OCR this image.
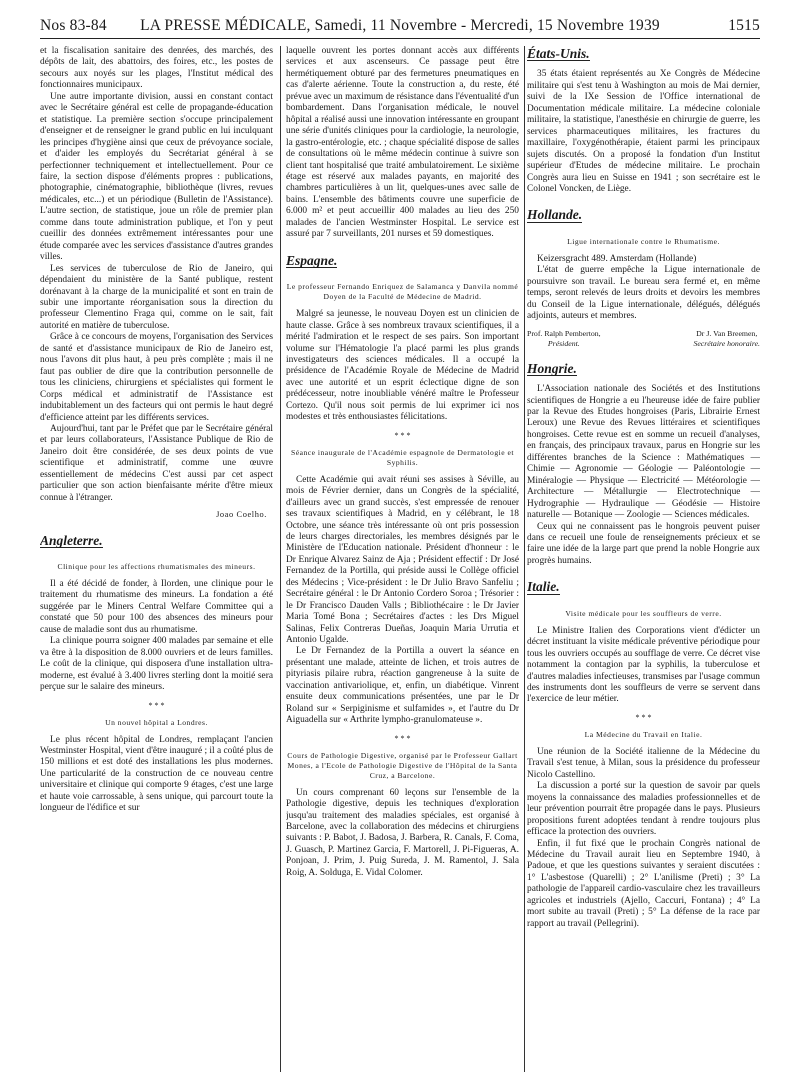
Nos 83-84	LA PRESSE MÉDICALE, Samedi, 11 Novembre - Mercredi, 15 Novembre 1939	1515

et la fiscalisation sanitaire des denrées, des marchés, des dépôts de lait, des abattoirs, des foires, etc., les postes de secours aux noyés sur les plages, l'Institut médical des fonctionnaires municipaux.

Une autre importante division, aussi en constant contact avec le Secrétaire général est celle de propagande-éducation et statistique. La première section s'occupe principalement d'enseigner et de renseigner le grand public en lui inculquant les principes d'hygiène ainsi que ceux de prévoyance sociale, et d'aider les employés du Secrétariat général à se perfectionner techniquement et intellectuellement. Pour ce faire, la section dispose d'éléments propres : publications, photographie, cinématographie, bibliothèque (livres, revues médicales, etc...) et un périodique (Bulletin de l'Assistance). L'autre section, de statistique, joue un rôle de premier plan comme dans toute administration publique, et l'on y peut cueillir des données extrêmement intéressantes pour une étude comparée avec les services d'assistance d'autres grandes villes.

Les services de tuberculose de Rio de Janeiro, qui dépendaient du ministère de la Santé publique, restent dorénavant à la charge de la municipalité et sont en train de subir une importante réorganisation sous la direction du professeur Clementino Fraga qui, comme on le sait, fait autorité en matière de tuberculose.

Grâce à ce concours de moyens, l'organisation des Services de santé et d'assistance municipaux de Rio de Janeiro est, nous l'avons dit plus haut, à peu près complète ; mais il ne faut pas oublier de dire que la contribution personnelle de tous les cliniciens, chirurgiens et spécialistes qui forment le Corps médical et administratif de l'Assistance est indubitablement un des facteurs qui ont permis le haut degré d'efficience atteint par les différents services.

Aujourd'hui, tant par le Préfet que par le Secrétaire général et par leurs collaborateurs, l'Assistance Publique de Rio de Janeiro doit être considérée, de ses deux points de vue scientifique et administratif, comme une œuvre essentiellement de médecins C'est aussi par cet aspect particulier que son action bienfaisante mérite d'être mieux connue à l'étranger.

Joao Coelho.

Angleterre.

Clinique pour les affections rhumatismales des mineurs.

Il a été décidé de fonder, à Ilorden, une clinique pour le traitement du rhumatisme des mineurs. La fondation a été suggérée par le Miners Central Welfare Committee qui a constaté que 50 pour 100 des absences des mineurs pour cause de maladie sont dus au rhumatisme.

La clinique pourra soigner 400 malades par semaine et elle va être à la disposition de 8.000 ouvriers et de leurs familles. Le coût de la clinique, qui disposera d'une installation ultra-moderne, est évalué à 3.400 livres sterling dont la moitié sera perçue sur le salaire des mineurs.

* * *

Un nouvel hôpital a Londres.

Le plus récent hôpital de Londres, remplaçant l'ancien Westminster Hospital, vient d'être inauguré ; il a coûté plus de 150 millions et est doté des installations les plus modernes. Une particularité de la construction de ce nouveau centre universitaire et clinique qui comporte 9 étages, c'est une large et haute voie carrossable, à sens unique, qui parcourt toute la longueur de l'édifice et sur

laquelle ouvrent les portes donnant accès aux différents services et aux ascenseurs. Ce passage peut être hermétiquement obturé par des fermetures pneumatiques en cas d'alerte aérienne. Toute la construction a, du reste, été prévue avec un maximum de résistance dans l'éventualité d'un bombardement. Dans l'organisation médicale, le nouvel hôpital a réalisé aussi une innovation intéressante en groupant une série d'unités cliniques pour la cardiologie, la neurologie, la gastro-entérologie, etc. ; chaque spécialité dispose de salles de consultations où le même médecin continue à suivre son client tant hospitalisé que traité ambulatoirement. Le sixième étage est réservé aux malades payants, en majorité des chambres particulières à un lit, quelques-unes avec salle de bains. L'ensemble des bâtiments couvre une superficie de 6.000 m² et peut accueillir 400 malades au lieu des 250 malades de l'ancien Westminster Hospital. Le service est assuré par 7 surveillants, 201 nurses et 59 domestiques.

Espagne.

Le professeur Fernando Enriquez de Salamanca y Danvila nommé Doyen de la Faculté de Médecine de Madrid.

Malgré sa jeunesse, le nouveau Doyen est un clinicien de haute classe. Grâce à ses nombreux travaux scientifiques, il a mérité l'admiration et le respect de ses pairs. Son important volume sur l'Hématologie l'a placé parmi les plus grands investigateurs des sciences médicales. Il a occupé la présidence de l'Académie Royale de Médecine de Madrid avec une autorité et un esprit éclectique digne de son prédécesseur, notre inoubliable vénéré maître le Professeur Cortezo. Qu'il nous soit permis de lui exprimer ici nos modestes et très enthousiastes félicitations.

* * *

Séance inaugurale de l'Académie espagnole de Dermatologie et Syphilis.

Cette Académie qui avait réuni ses assises à Séville, au mois de Février dernier, dans un Congrès de la spécialité, d'ailleurs avec un grand succès, s'est empressée de renouer ses travaux scientifiques à Madrid, en y célébrant, le 18 Octobre, une séance très intéressante où ont pris possession de leurs charges directoriales, les membres désignés par le Ministère de l'Education nationale. Président d'honneur : le Dr Enrique Alvarez Sainz de Aja ; Président effectif : Dr José Fernandez de la Portilla, qui préside aussi le Collège officiel des Médecins ; Vice-président : le Dr Julio Bravo Sanfeliu ; Secrétaire général : le Dr Antonio Cordero Soroa ; Trésorier : le Dr Francisco Dauden Valls ; Bibliothécaire : le Dr Javier Maria Tomé Bona ; Secrétaires d'actes : les Drs Miguel Salinas, Felix Contreras Dueñas, Joaquin Maria Urrutia et Antonio Ugalde.

Le Dr Fernandez de la Portilla a ouvert la séance en présentant une malade, atteinte de lichen, et trois autres de pityriasis pilaire rubra, réaction gangreneuse à la suite de vaccination antivariolique, et, enfin, un diabétique. Vinrent ensuite deux communications présentées, une par le Dr Roland sur « Serpiginisme et sulfamides », et l'autre du Dr Aiguadella sur « Arthrite lympho-granulomateuse ».

* * *

Cours de Pathologie Digestive, organisé par le Professeur Gallart Mones, a l'Ecole de Pathologie Digestive de l'Hôpital de la Santa Cruz, a Barcelone.

Un cours comprenant 60 leçons sur l'ensemble de la Pathologie digestive, depuis les techniques d'exploration jusqu'au traitement des maladies spéciales, est organisé à Barcelone, avec la collaboration des médecins et chirurgiens suivants : P. Babot, J. Badosa, J. Barbera, R. Canals, F. Coma, J. Guasch, P. Martinez Garcia, F. Martorell, J. Pi-Figueras, A. Ponjoan, J. Prim, J. Puig Sureda, J. M. Ramentol, J. Sala Roig, A. Solduga, E. Vidal Colomer.

États-Unis.

35 états étaient représentés au Xe Congrès de Médecine militaire qui s'est tenu à Washington au mois de Mai dernier, suivi de la IXe Session de l'Office international de Documentation médicale militaire. La médecine coloniale militaire, la statistique, l'anesthésie en chirurgie de guerre, les services pharmaceutiques militaires, les fractures du maxillaire, l'oxygénothérapie, étaient parmi les principaux sujets discutés. On a proposé la fondation d'un Institut supérieur d'Etudes de médecine militaire. Le prochain Congrès aura lieu en Suisse en 1941 ; son secrétaire est le Colonel Voncken, de Liège.

Hollande.

Ligue internationale contre le Rhumatisme.

Keizersgracht 489. Amsterdam (Hollande)

L'état de guerre empêche la Ligue internationale de poursuivre son travail. Le bureau sera fermé et, en même temps, seront relevés de leurs droits et devoirs les membres du Conseil de la Ligue internationale, délégués, délégués adjoints, auteurs et membres.

Prof. Ralph Pemberton,
Président.
Dr J. Van Breemen,
Secrétaire honoraire.
Hongrie.

L'Association nationale des Sociétés et des Institutions scientifiques de Hongrie a eu l'heureuse idée de faire publier par la Revue des Etudes hongroises (Paris, Librairie Ernest Leroux) une Revue des Revues littéraires et scientifiques hongroises. Cette revue est en somme un recueil d'analyses, en français, des principaux travaux, parus en Hongrie sur les différentes branches de la Science : Mathématiques — Chimie — Agronomie — Géologie — Paléontologie — Minéralogie — Physique — Electricité — Météorologie — Architecture — Métallurgie — Electrotechnique — Hydrographie — Hydraulique — Géodésie — Histoire naturelle — Botanique — Zoologie — Sciences médicales.

Ceux qui ne connaissent pas le hongrois peuvent puiser dans ce recueil une foule de renseignements précieux et se faire une idée de la large part que prend la noble Hongrie aux progrès humains.

Italie.

Visite médicale pour les souffleurs de verre.

Le Ministre Italien des Corporations vient d'édicter un décret instituant la visite médicale préventive périodique pour tous les ouvriers occupés au soufflage de verre. Ce décret vise notamment la contagion par la syphilis, la tuberculose et d'autres maladies infectieuses, transmises par l'usage commun des instruments dont les souffleurs de verre se servent dans l'exercice de leur métier.

* * *

La Médecine du Travail en Italie.

Une réunion de la Société italienne de la Médecine du Travail s'est tenue, à Milan, sous la présidence du professeur Nicolo Castellino.

La discussion a porté sur la question de savoir par quels moyens la connaissance des maladies professionnelles et de leur prévention pourrait être propagée dans le pays. Plusieurs propositions furent adoptées tendant à rendre toujours plus efficace la protection des ouvriers.

Enfin, il fut fixé que le prochain Congrès national de Médecine du Travail aurait lieu en Septembre 1940, à Padoue, et que les questions suivantes y seraient discutées : 1° L'asbestose (Quarelli) ; 2° L'anilisme (Preti) ; 3° La pathologie de l'appareil cardio-vasculaire chez les travailleurs agricoles et industriels (Ajello, Caccuri, Fontana) ; 4° La mort subite au travail (Preti) ; 5° La défense de la race par rapport au travail (Pellegrini).
